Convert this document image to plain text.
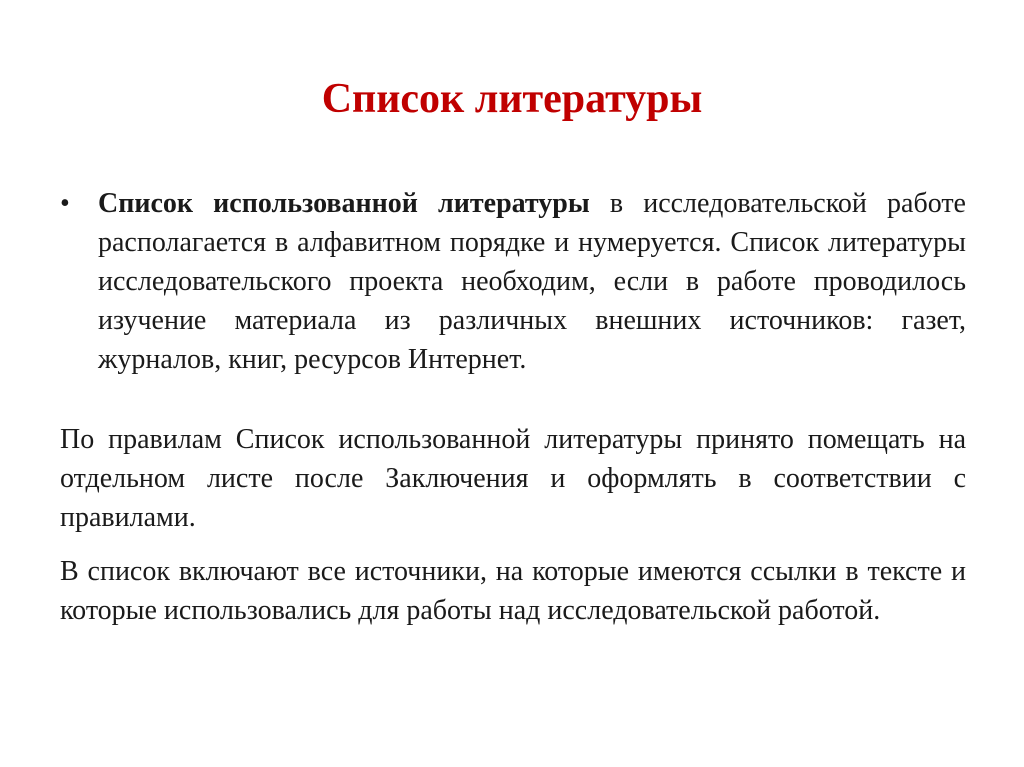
Список литературы
•	Список использованной литературы в исследовательской работе располагается в алфавитном порядке и нумеруется. Список литературы исследовательского проекта необходим, если в работе проводилось изучение материала из различных внешних источников: газет, журналов, книг, ресурсов Интернет.
По правилам Список использованной литературы принято помещать на отдельном листе после Заключения и оформлять в соответствии с правилами.
В список включают все источники, на которые имеются ссылки в тексте и которые использовались для работы над исследовательской работой.
